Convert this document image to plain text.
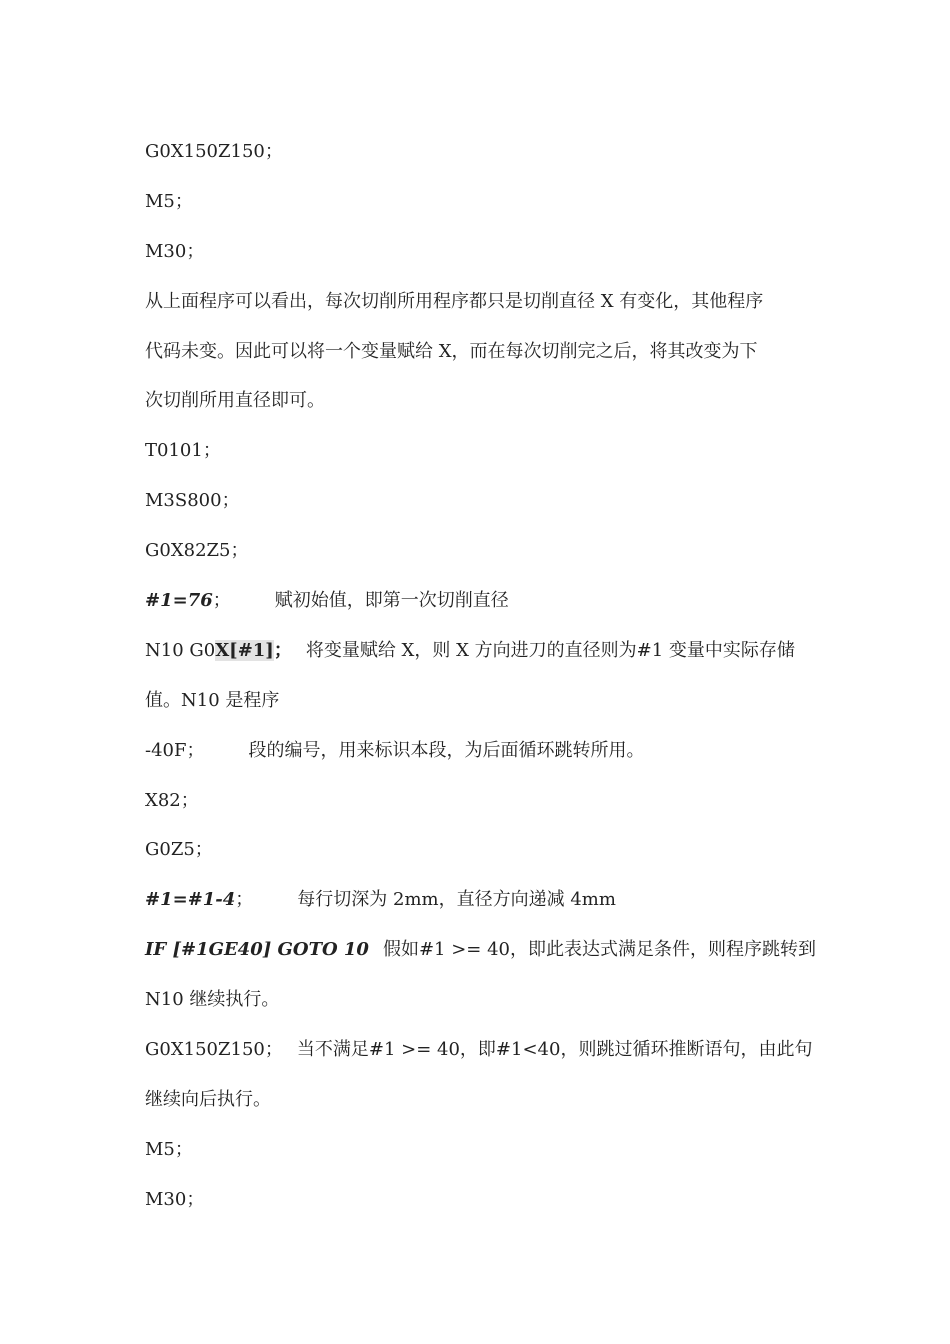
G0X150Z150；
M5；
M30；
从上面程序可以看出，每次切削所用程序都只是切削直径 X 有变化，其他程序
代码未变。因此可以将一个变量赋给 X，而在每次切削完之后，将其改变为下
次切削所用直径即可。
T0101；
M3S800；
G0X82Z5；
#1=76； 赋初始值，即第一次切削直径
N10 G0X[#1]； 将变量赋给 X，则 X 方向进刀的直径则为#1 变量中实际存储
值。N10 是程序
-40F； 段的编号，用来标识本段，为后面循环跳转所用。
X82；
G0Z5；
#1=#1-4； 每行切深为 2mm，直径方向递减 4mm
IF [#1GE40] GOTO 10 假如#1 >= 40，即此表达式满足条件，则程序跳转到
N10 继续执行。
G0X150Z150； 当不满足#1 >= 40，即#1<40，则跳过循环推断语句，由此句
继续向后执行。
M5；
M30；
